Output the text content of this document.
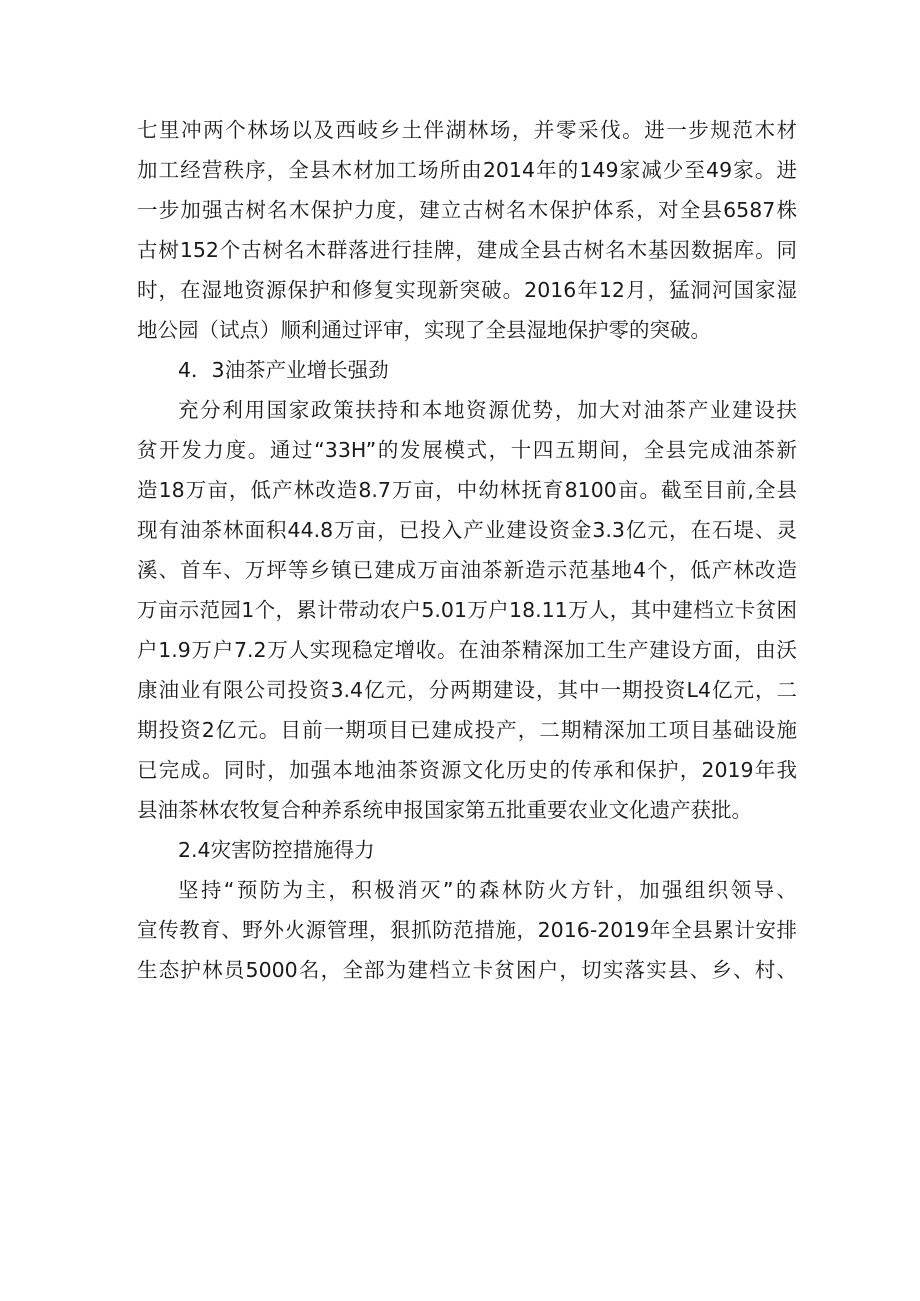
七里冲两个林场以及西岐乡土伴湖林场，并零采伐。进一步规范木材
加工经营秩序，全县木材加工场所由2014年的149家减少至49家。进
一步加强古树名木保护力度，建立古树名木保护体系，对全县6587株
古树152个古树名木群落进行挂牌，建成全县古树名木基因数据库。同
时，在湿地资源保护和修复实现新突破。2016年12月，猛洞河国家湿
地公园（试点）顺利通过评审，实现了全县湿地保护零的突破。
4．3油茶产业增长强劲
充分利用国家政策扶持和本地资源优势，加大对油茶产业建设扶
贫开发力度。通过“33H”的发展模式，十四五期间，全县完成油茶新
造18万亩，低产林改造8.7万亩，中幼林抚育8100亩。截至目前,全县
现有油茶林面积44.8万亩，已投入产业建设资金3.3亿元，在石堤、灵
溪、首车、万坪等乡镇已建成万亩油茶新造示范基地4个，低产林改造
万亩示范园1个，累计带动农户5.01万户18.11万人，其中建档立卡贫困
户1.9万户7.2万人实现稳定增收。在油茶精深加工生产建设方面，由沃
康油业有限公司投资3.4亿元，分两期建设，其中一期投资L4亿元，二
期投资2亿元。目前一期项目已建成投产，二期精深加工项目基础设施
已完成。同时，加强本地油茶资源文化历史的传承和保护，2019年我
县油茶林农牧复合种养系统申报国家第五批重要农业文化遗产获批。
2.4灾害防控措施得力
坚持“预防为主，积极消灭”的森林防火方针，加强组织领导、
宣传教育、野外火源管理，狠抓防范措施，2016-2019年全县累计安排
生态护林员5000名，全部为建档立卡贫困户，切实落实县、乡、村、
